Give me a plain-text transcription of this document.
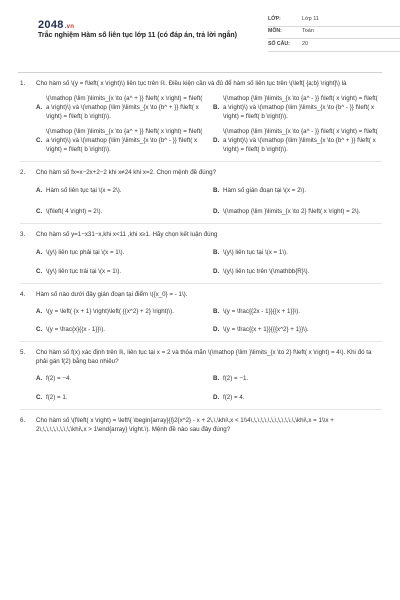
2048.vn
Trắc nghiệm Hàm số liên tục lớp 11 (có đáp án, trả lời ngắn)
LỚP:	Lớp 11
MÔN:	Toán
SỐ CÂU:	20
1.	Cho hàm số \(y = f\left( x \right)\) liên tục trên ℝ. Điều kiện cần và đủ để hàm số liên tục trên \(\left[ {a;b} \right]\) là
A.
\(\mathop {\lim }\limits_{x \to {a^ + }} f\left( x \right) = f\left( a \right)\) và \(\mathop {\lim }\limits_{x \to {b^ + }} f\left( x \right) = f\left( b \right)\).
B.
\(\mathop {\lim }\limits_{x \to {a^ - }} f\left( x \right) = f\left( a \right)\) và \(\mathop {\lim }\limits_{x \to {b^ - }} f\left( x \right) = f\left( b \right)\).
C.
\(\mathop {\lim }\limits_{x \to {a^ + }} f\left( x \right) = f\left( a \right)\) và \(\mathop {\lim }\limits_{x \to {b^ - }} f\left( x \right) = f\left( b \right)\).
D.
\(\mathop {\lim }\limits_{x \to {a^ - }} f\left( x \right) = f\left( a \right)\) và \(\mathop {\lim }\limits_{x \to {b^ + }} f\left( x \right) = f\left( b \right)\).
2.	Cho hàm số fx=x−2x+2−2 khi x≠24 khi x=2. Chọn mệnh đề đúng?
A. Hàm số liên tục tại \(x = 2\).	B. Hàm số gián đoạn tại \(x = 2\).
C. \(f\left( 4 \right) = 2\).	D. \(\mathop {\lim }\limits_{x \to 2} f\left( x \right) = 2\).
3.	Cho hàm số y=1−x31−x,khi x<11 ,khi x≥1. Hãy chọn kết luận đúng
A. \(y\) liên tục phải tại \(x = 1\).	B. \(y\) liên tục tại \(x = 1\).
C. \(y\) liên tục trái tại \(x = 1\).	D. \(y\) liên tục trên \(\mathbb{R}\).
4.	Hàm số nào dưới đây gián đoạn tại điểm \({x_0} = - 1\).
A. \(y = \left( {x + 1} \right)\left( {{x^2} + 2} \right)\).	B. \(y = \frac{{2x - 1}}{{x + 1}}\).
C. \(y = \frac{x}{{x - 1}}\).	D. \(y = \frac{{x + 1}}{{{x^2} + 1}}\).
5.	Cho hàm số f(x) xác định trên ℝ, liên tục tại x = 2 và thỏa mãn \(\mathop {\lim }\limits_{x \to 2} f\left( x \right) = 4\). Khi đó ta phải gán f(2) bằng bao nhiêu?
A. f(2) = −4.	B. f(2) = −1.
C. f(2) = 1.	D. f(2) = 4.
6.	Cho hàm số \(f\left( x \right) = \left\{ \begin{array}{l}2{x^2} - x + 2\,\,\khi\,x < 1\\4\,\,\,\,\,\,\,\,\,\,\,\,\,\khi\,x = 1\\x + 2\,\,\,\,\,\,\,\,\,\khi\,x > 1\end{array} \right.\). Mệnh đề nào sau đây đúng?
